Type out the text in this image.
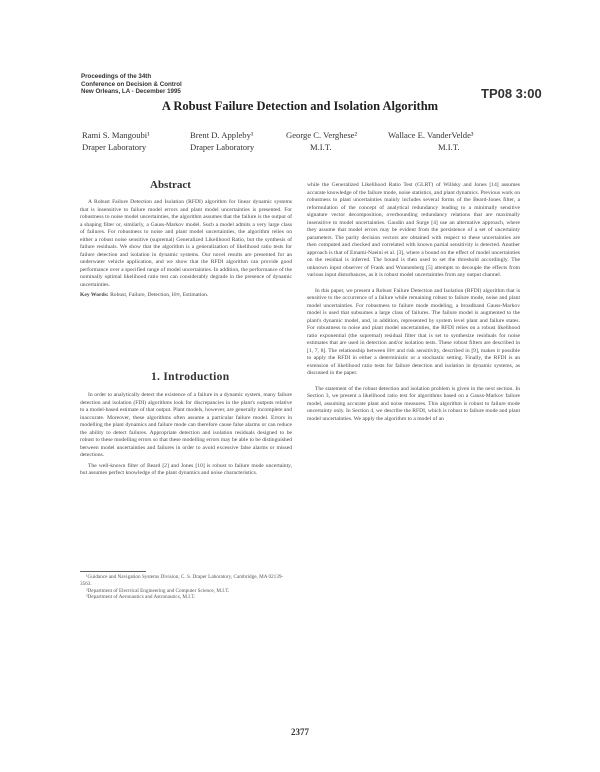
Proceedings of the 34th
Conference on Decision & Control
New Orleans, LA - December 1995	TP08 3:00
A Robust Failure Detection and Isolation Algorithm
Rami S. Mangoubi¹
Draper Laboratory
Brent D. Appleby¹
Draper Laboratory
George C. Verghese²
M.I.T.
Wallace E. VanderVelde³
M.I.T.
Abstract

A Robust Failure Detection and Isolation (RFDI) algorithm for linear dynamic systems that is insensitive to failure model errors and plant model uncertainties is presented. For robustness to noise model uncertainties, the algorithm assumes that the failure is the output of a shaping filter or, similarly, a Gauss-Markov model. Such a model admits a very large class of failures. For robustness to noise and plant model uncertainties, the algorithm relies on either a robust noise sensitive (supremal) Generalized Likelihood Ratio, but the synthesis of failure residuals. We show that the algorithm is a generalization of likelihood ratio tests for failure detection and isolation in dynamic systems. Our novel results are presented for an underwater vehicle application, and we show that the RFDI algorithm can provide good performance over a specified range of model uncertainties. In addition, the performance of the nominally optimal likelihood ratio test can considerably degrade in the presence of dynamic uncertainties.

Key Words: Robust, Failure, Detection, H∞, Estimation.

1. Introduction

In order to analytically detect the existence of a failure in a dynamic system, many failure detection and isolation (FDI) algorithms look for discrepancies in the plant's outputs relative to a model-based estimate of that output. Plant models, however, are generally incomplete and inaccurate. Moreover, these algorithms often assume a particular failure model. Errors in modelling the plant dynamics and failure mode can therefore cause false alarms or can reduce the ability to detect failures. Appropriate detection and isolation residuals designed to be robust to these modelling errors so that these modelling errors may be able to be distinguished between model uncertainties and failures in order to avoid excessive false alarms or missed detections.

The well-known filter of Beard [2] and Jones [10] is robust to failure mode uncertainty, but assumes perfect knowledge of the plant dynamics and noise characteristics.

¹Guidance and Navigation Systems Division, C. S. Draper Laboratory, Cambridge, MA 02139-3563.
²Department of Electrical Engineering and Computer Science, M.I.T.
³Department of Aeronautics and Astronautics, M.I.T.

while the Generalized Likelihood Ratio Test (GLRT) of Willsky and Jones [14] assumes accurate knowledge of the failure mode, noise statistics, and plant dynamics. Previous work on robustness to plant uncertainties mainly includes several forms of the Beard-Jones filter, a reformulation of the concept of analytical redundancy leading to a minimally sensitive signature vector decomposition, overbounding redundancy relations that are maximally insensitive to model uncertainties. Gaudin and Surge [4] use an alternative approach, where they assume that model errors may be evident from the persistence of a set of uncertainty parameters. The parity decision vectors are obtained with respect to these uncertainties are then computed and checked and correlated with known partial sensitivity is detected. Another approach is that of Emami-Naeini et al. [3], where a bound on the effect of model uncertainties on the residual is inferred. The bound is then used to set the threshold accordingly. The unknown input observer of Frank and Wunnenberg [5] attempts to decouple the effects from various input disturbances, as it is robust model uncertainties from any output channel.

In this paper, we present a Robust Failure Detection and Isolation (RFDI) algorithm that is sensitive to the occurrence of a failure while remaining robust to failure mode, noise and plant model uncertainties. For robustness to failure mode modeling, a broadband Gauss-Markov model is used that subsumes a large class of failures. The failure model is augmented to the plant's dynamic model, and, in addition, represented by system level plant and failure states. For robustness to noise and plant model uncertainties, the RFDI relies on a robust likelihood ratio exponential (the supremal) residual filter that is set to synthesize residuals for noise estimates that are used in detection and/or isolation tests. These robust filters are described in [1, 7, 8]. The relationship between H∞ and risk sensitivity, described in [9], makes it possible to apply the RFDI in either a deterministic or a stochastic setting. Finally, the RFDI is an extension of likelihood ratio tests for failure detection and isolation in dynamic systems, as discussed in the paper.

The statement of the robust detection and isolation problem is given in the next section. In Section 3, we present a likelihood ratio test for algorithms based on a Gauss-Markov failure model, assuming accurate plant and noise measures. This algorithm is robust to failure mode uncertainty only. In Section 4, we describe the RFDI, which is robust to failure mode and plant model uncertainties. We apply the algorithm to a model of an

2377
